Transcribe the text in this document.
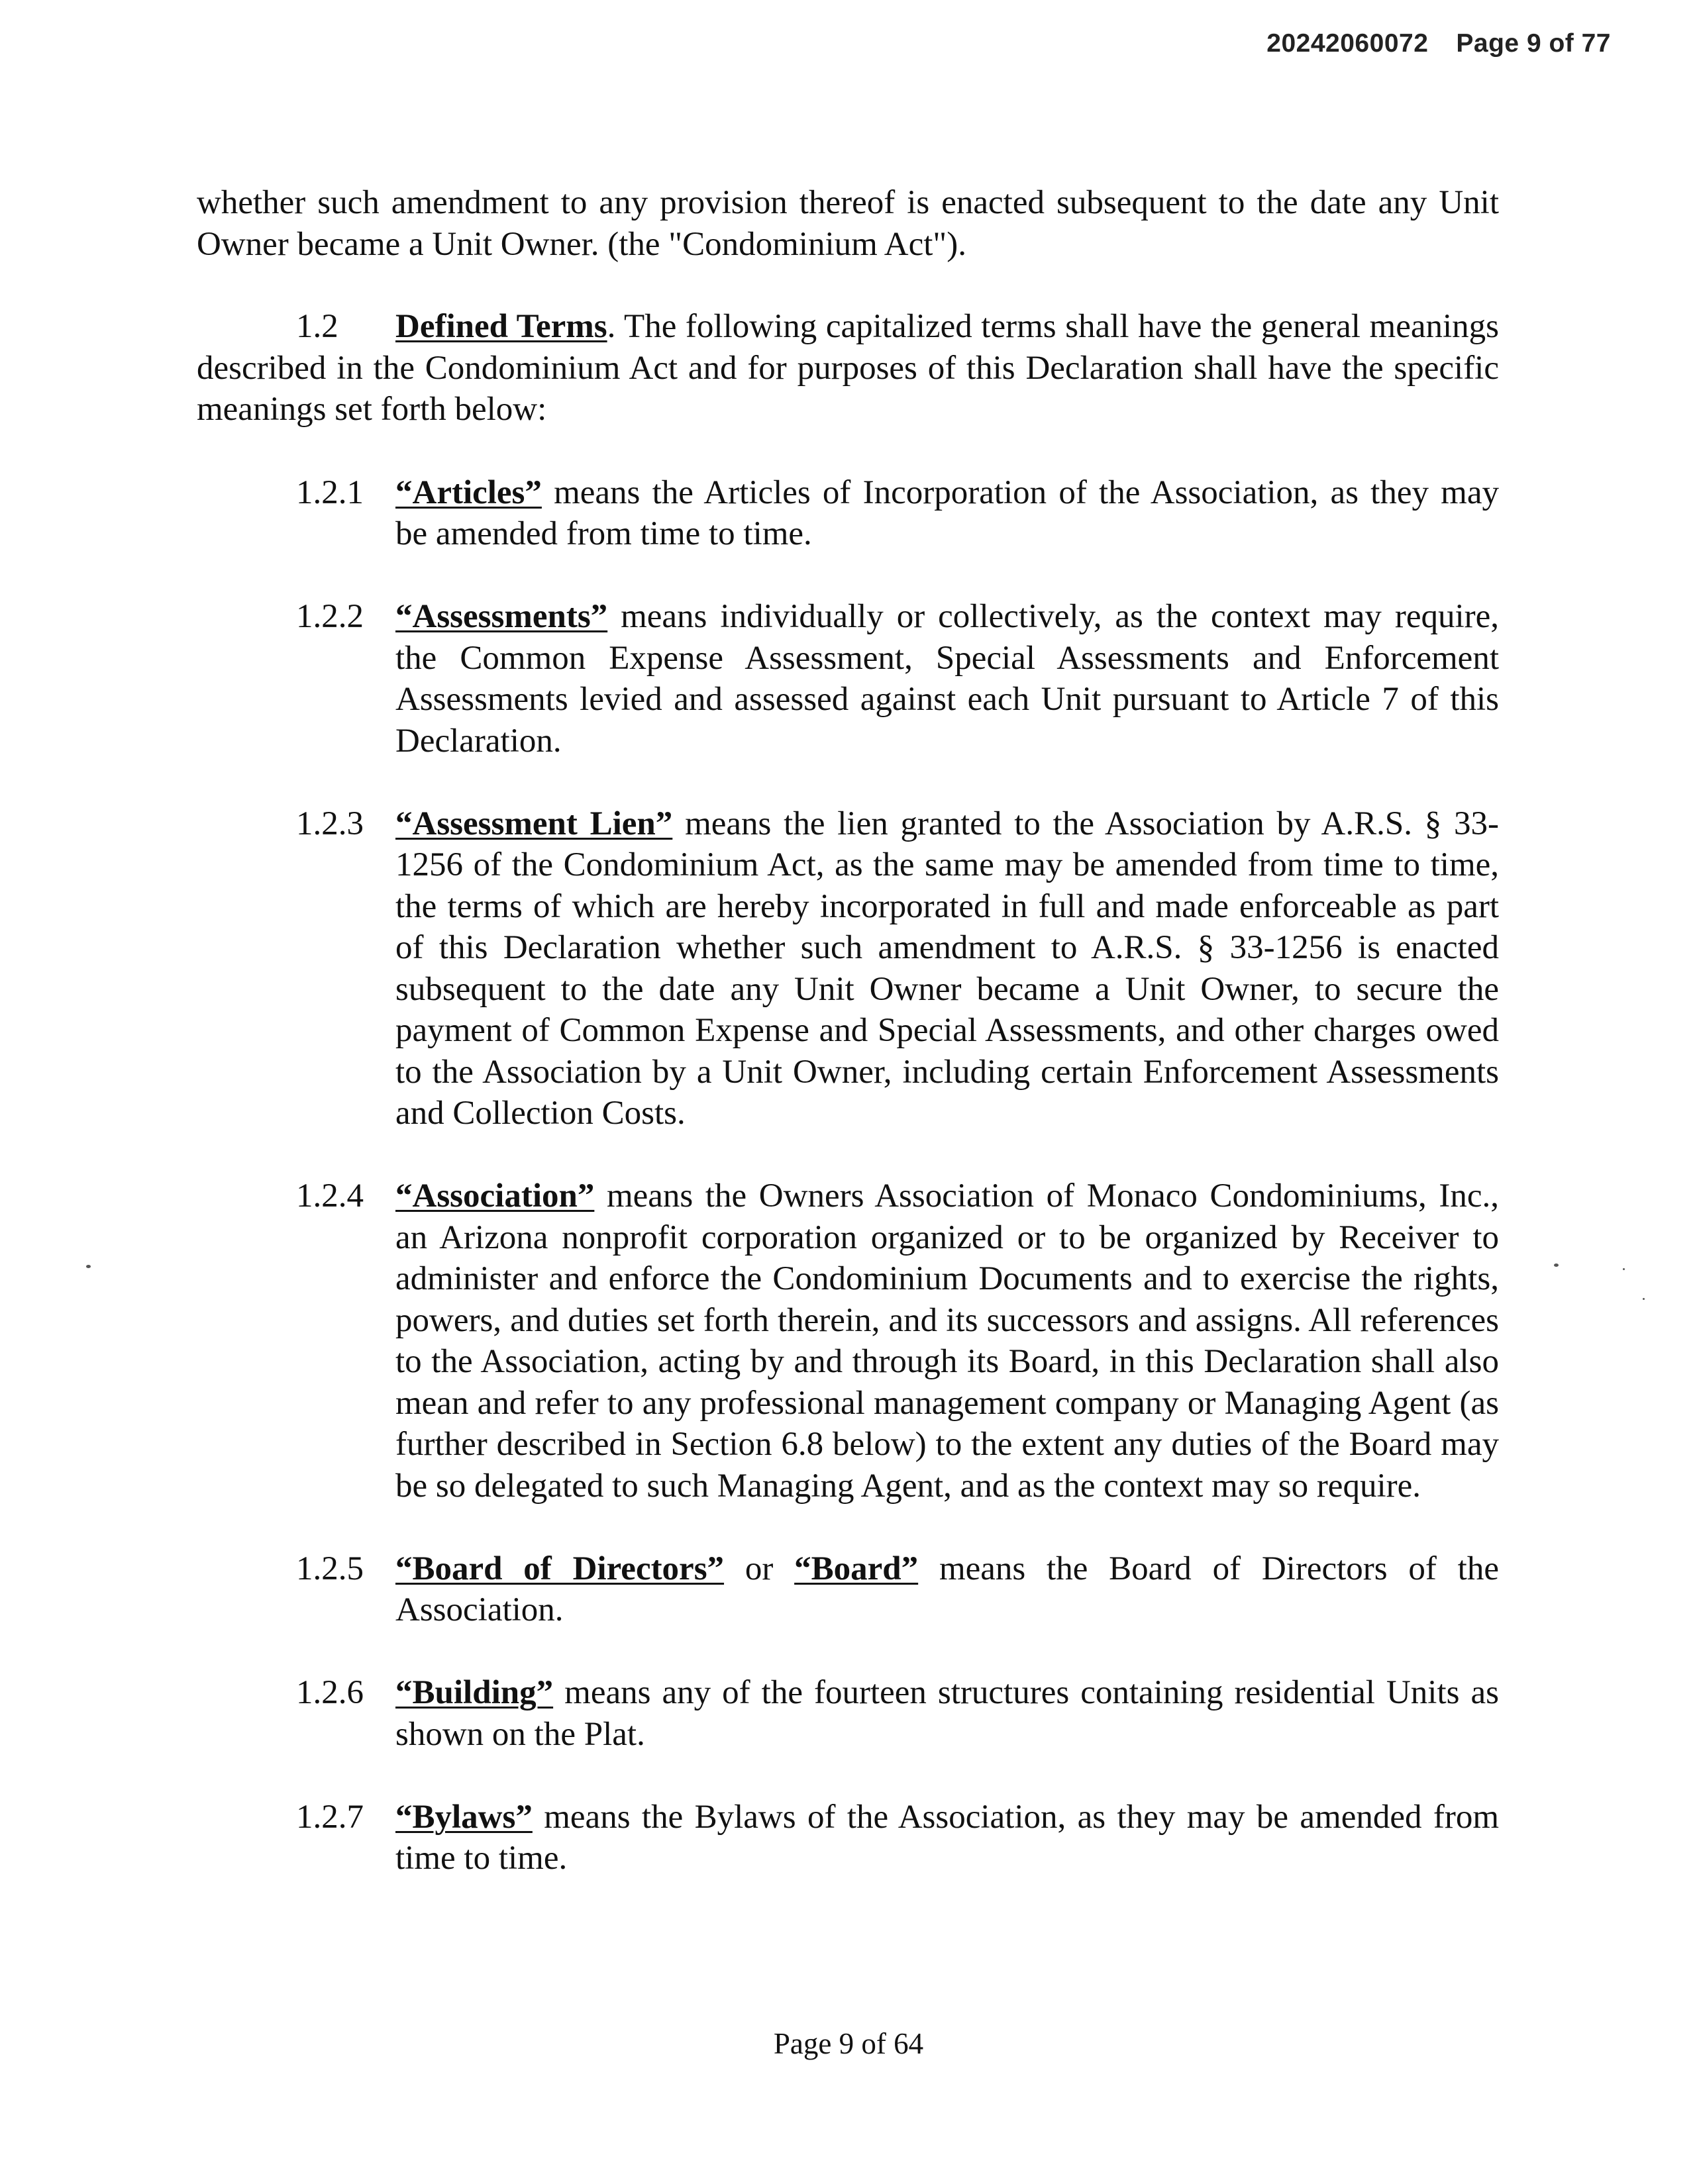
20242060072 Page 9 of 77

whether such amendment to any provision thereof is enacted subsequent to the date any Unit Owner became a Unit Owner. (the "Condominium Act").

1.2 Defined Terms. The following capitalized terms shall have the general meanings described in the Condominium Act and for purposes of this Declaration shall have the specific meanings set forth below:

1.2.1 “Articles” means the Articles of Incorporation of the Association, as they may be amended from time to time.

1.2.2 “Assessments” means individually or collectively, as the context may require, the Common Expense Assessment, Special Assessments and Enforcement Assessments levied and assessed against each Unit pursuant to Article 7 of this Declaration.

1.2.3 “Assessment Lien” means the lien granted to the Association by A.R.S. § 33-1256 of the Condominium Act, as the same may be amended from time to time, the terms of which are hereby incorporated in full and made enforceable as part of this Declaration whether such amendment to A.R.S. § 33-1256 is enacted subsequent to the date any Unit Owner became a Unit Owner, to secure the payment of Common Expense and Special Assessments, and other charges owed to the Association by a Unit Owner, including certain Enforcement Assessments and Collection Costs.

1.2.4 “Association” means the Owners Association of Monaco Condominiums, Inc., an Arizona nonprofit corporation organized or to be organized by Receiver to administer and enforce the Condominium Documents and to exercise the rights, powers, and duties set forth therein, and its successors and assigns. All references to the Association, acting by and through its Board, in this Declaration shall also mean and refer to any professional management company or Managing Agent (as further described in Section 6.8 below) to the extent any duties of the Board may be so delegated to such Managing Agent, and as the context may so require.

1.2.5 “Board of Directors” or “Board” means the Board of Directors of the Association.

1.2.6 “Building” means any of the fourteen structures containing residential Units as shown on the Plat.

1.2.7 “Bylaws” means the Bylaws of the Association, as they may be amended from time to time.

Page 9 of 64
